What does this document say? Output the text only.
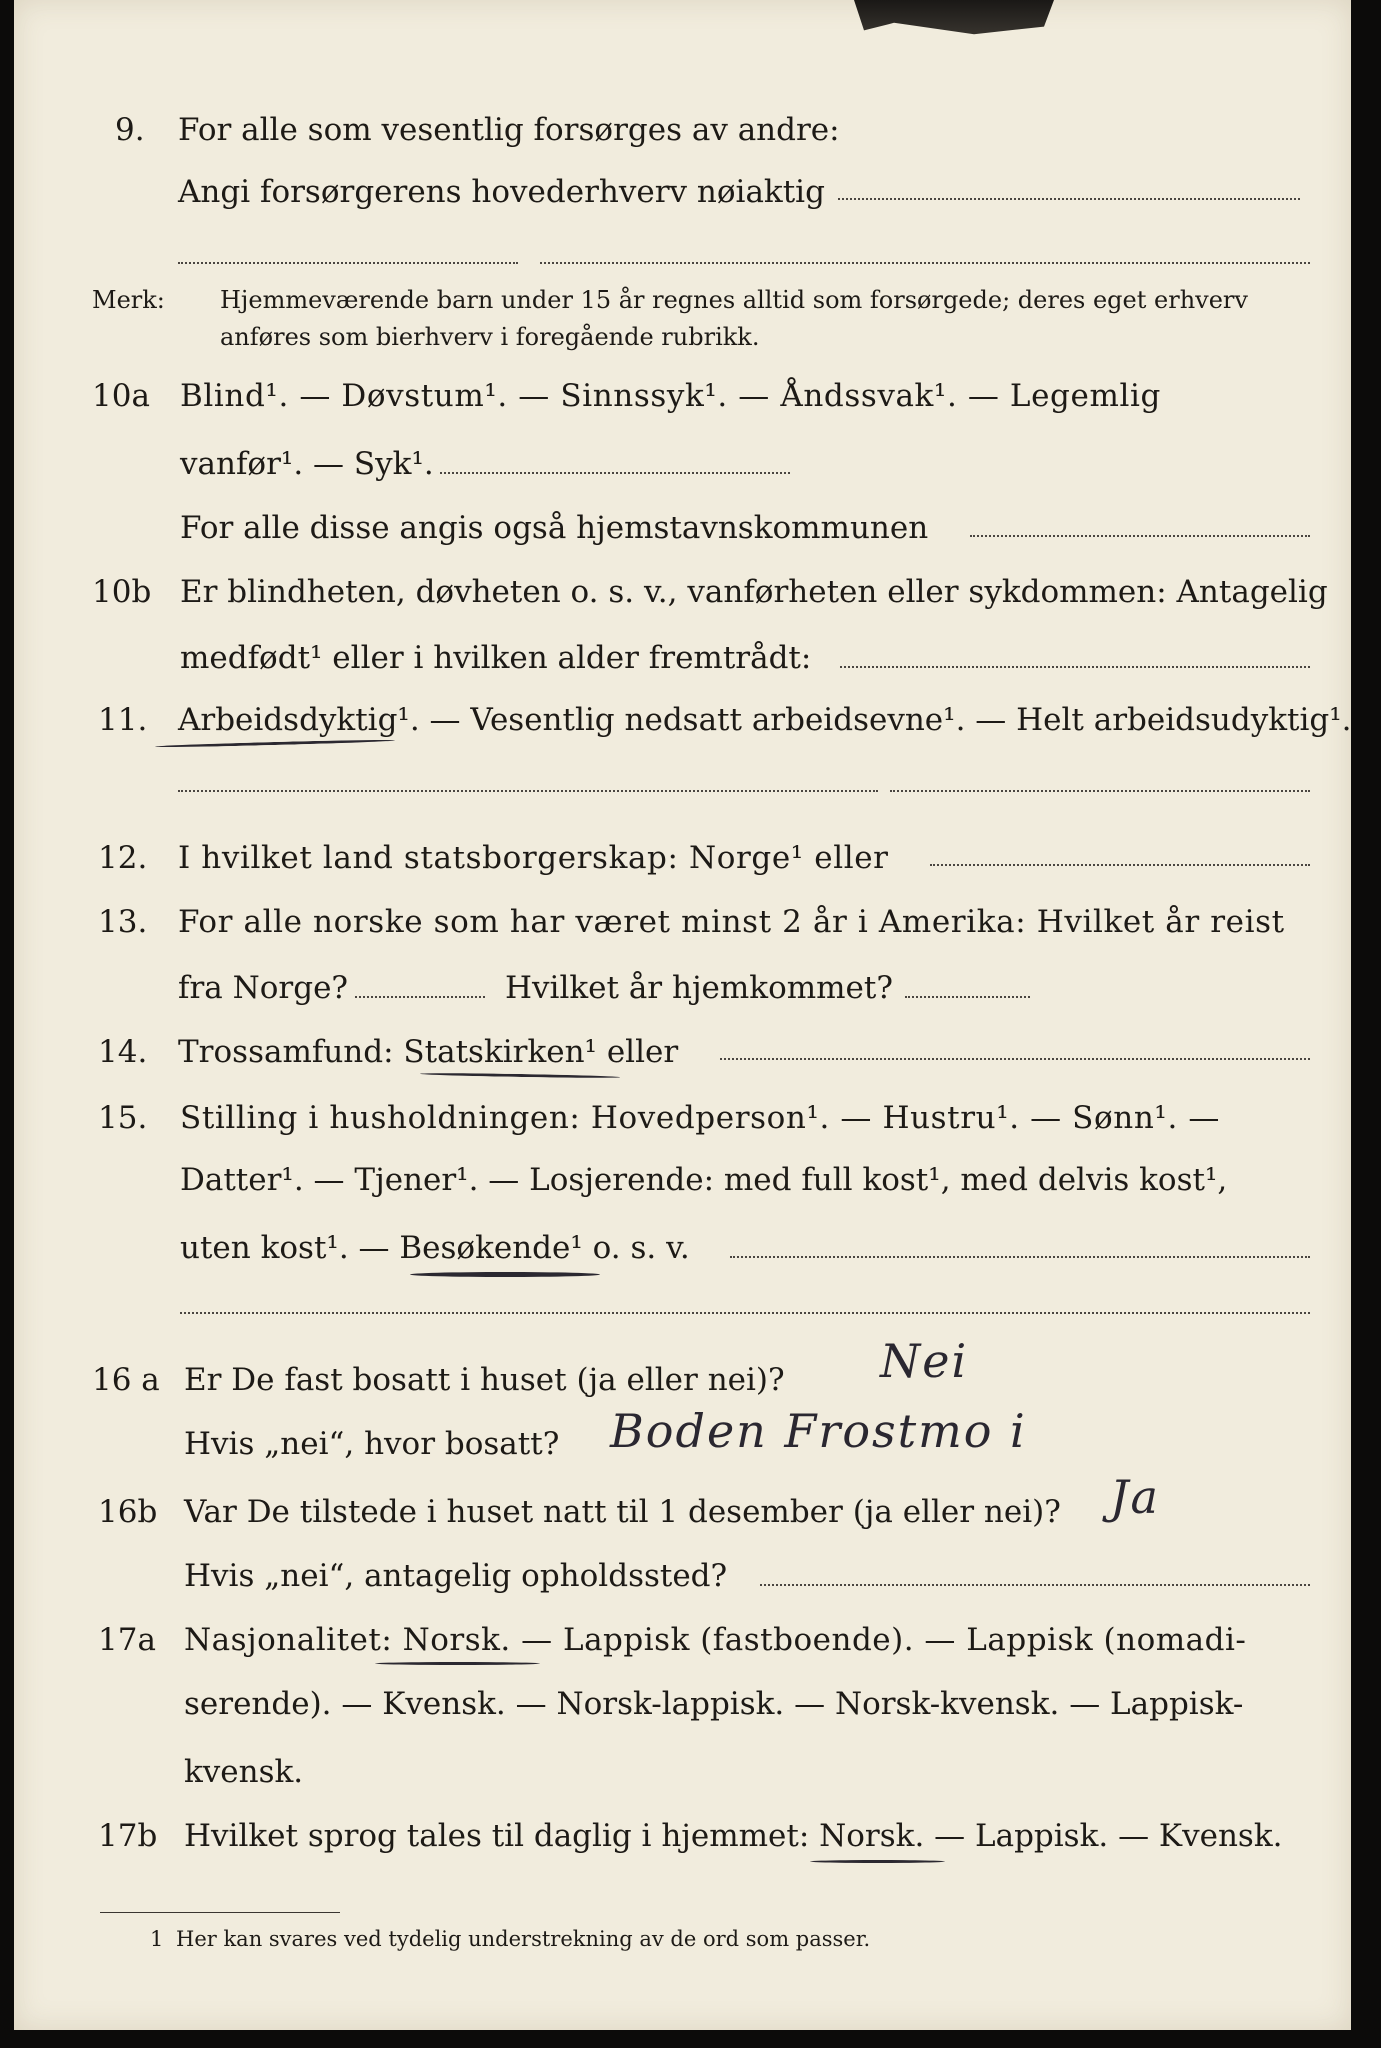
9. For alle som vesentlig forsørges av andre:
Angi forsørgerens hovederhverv nøiaktig
Merk: Hjemmeværende barn under 15 år regnes alltid som forsørgede; deres eget erhverv
anføres som bierhverv i foregående rubrikk.
10a Blind¹. — Døvstum¹. — Sinnssyk¹. — Åndssvak¹. — Legemlig
vanfør¹. — Syk¹.
For alle disse angis også hjemstavnskommunen
10b Er blindheten, døvheten o. s. v., vanførheten eller sykdommen: Antagelig
medfødt¹ eller i hvilken alder fremtrådt:
11. Arbeidsdyktig¹. — Vesentlig nedsatt arbeidsevne¹. — Helt arbeidsudyktig¹.
12. I hvilket land statsborgerskap: Norge¹ eller
13. For alle norske som har været minst 2 år i Amerika: Hvilket år reist
fra Norge?	Hvilket år hjemkommet?
14. Trossamfund: Statskirken¹ eller
15. Stilling i husholdningen: Hovedperson¹. — Hustru¹. — Sønn¹. —
Datter¹. — Tjener¹. — Losjerende: med full kost¹, med delvis kost¹,
uten kost¹. — Besøkende¹ o. s. v.
16 a Er De fast bosatt i huset (ja eller nei)? Nei
Hvis „nei“, hvor bosatt? Boden Frostmo i
16b Var De tilstede i huset natt til 1 desember (ja eller nei)? Ja
Hvis „nei“, antagelig opholdssted?
17a Nasjonalitet: Norsk. — Lappisk (fastboende). — Lappisk (nomadi-
serende). — Kvensk. — Norsk-lappisk. — Norsk-kvensk. — Lappisk-
kvensk.
17b Hvilket sprog tales til daglig i hjemmet: Norsk. — Lappisk. — Kvensk.
1 Her kan svares ved tydelig understrekning av de ord som passer.
